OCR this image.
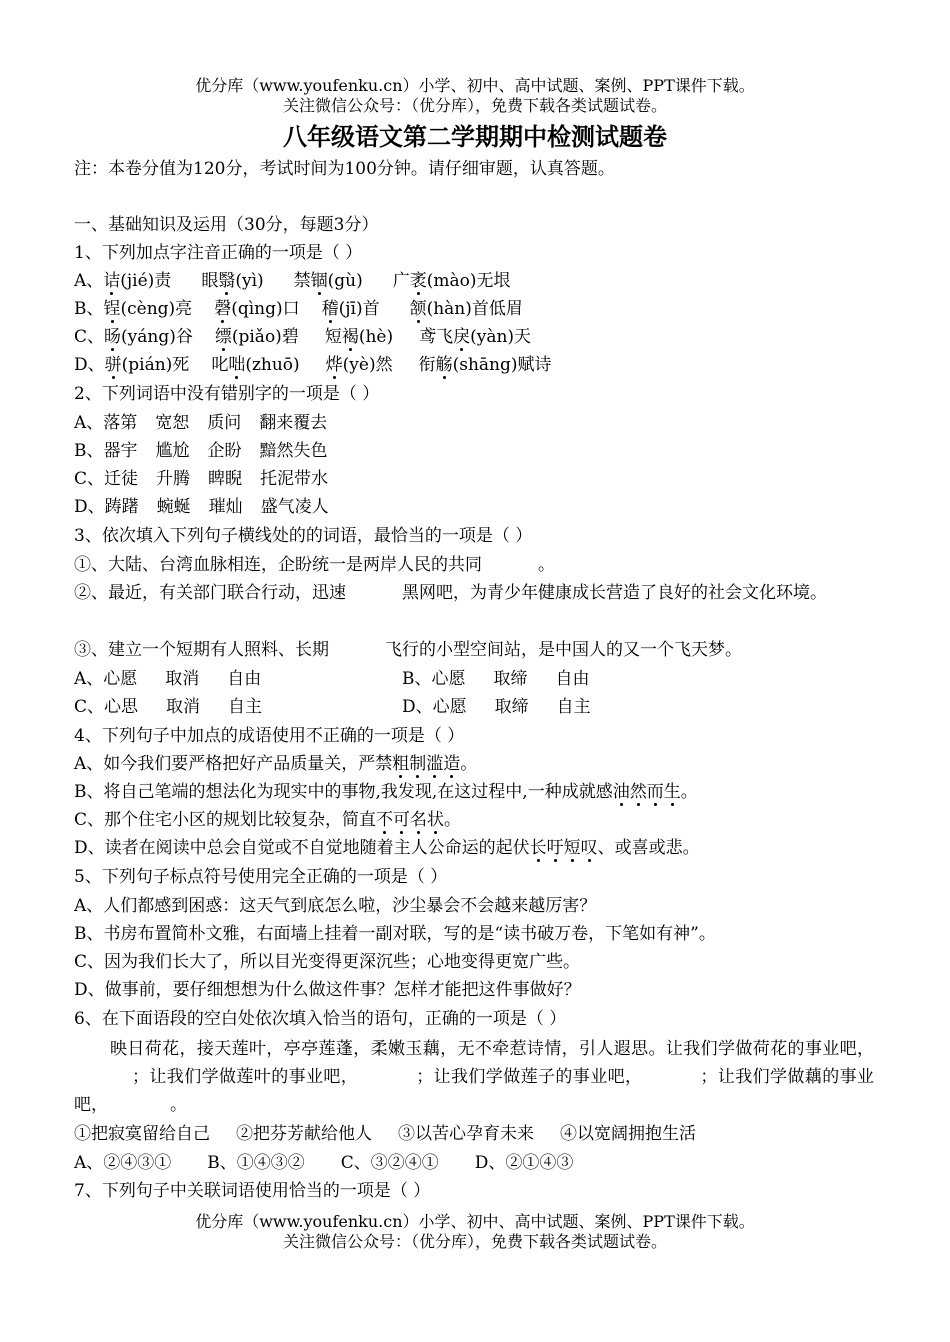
优分库（www.youfenku.cn）小学、初中、高中试题、案例、PPT课件下载。
关注微信公众号：（优分库），免费下载各类试题试卷。
八年级语文第二学期期中检测试题卷
注：本卷分值为120分，考试时间为100分钟。请仔细审题，认真答题。
一、基础知识及运用（30分，每题3分）
1、下列加点字注音正确的一项是（ ）
A、诘(jié)责 眼翳(yì) 禁锢(gù) 广袤(mào)无垠
B、锃(cèng)亮 磬(qìng)口 稽(jī)首 颔(hàn)首低眉
C、旸(yáng)谷 缥(piǎo)碧 短褐(hè) 鸢飞戾(yàn)天
D、骈(pián)死 叱咄(zhuō) 烨(yè)然 衔觞(shāng)赋诗
2、下列词语中没有错别字的一项是（ ）
A、落第 宽恕 质问 翻来覆去
B、器宇 尴尬 企盼 黯然失色
C、迁徒 升腾 睥睨 托泥带水
D、踌躇 蜿蜒 璀灿 盛气凌人
3、依次填入下列句子横线处的的词语，最恰当的一项是（ ）
①、大陆、台湾血脉相连，企盼统一是两岸人民的共同	。
②、最近，有关部门联合行动，迅速	黑网吧，为青少年健康成长营造了良好的社会文化环境。
③、建立一个短期有人照料、长期	飞行的小型空间站，是中国人的又一个飞天梦。
A、心愿 取消 自由	B、心愿 取缔 自由
C、心思 取消 自主	D、心愿 取缔 自主
4、下列句子中加点的成语使用不正确的一项是（ ）
A、如今我们要严格把好产品质量关，严禁粗制滥造。
B、将自己笔端的想法化为现实中的事物,我发现,在这过程中,一种成就感油然而生。
C、那个住宅小区的规划比较复杂，简直不可名状。
D、读者在阅读中总会自觉或不自觉地随着主人公命运的起伏长吁短叹、或喜或悲。
5、下列句子标点符号使用完全正确的一项是（ ）
A、人们都感到困惑：这天气到底怎么啦，沙尘暴会不会越来越厉害？
B、书房布置简朴文雅，右面墙上挂着一副对联，写的是“读书破万卷，下笔如有神”。
C、因为我们长大了，所以目光变得更深沉些；心地变得更宽广些。
D、做事前，要仔细想想为什么做这件事？怎样才能把这件事做好？
6、在下面语段的空白处依次填入恰当的语句，正确的一项是（ ）
映日荷花，接天莲叶，亭亭莲蓬，柔嫩玉藕，无不牵惹诗情，引人遐思。让我们学做荷花的事业吧，；让我们学做莲叶的事业吧，	；让我们学做莲子的事业吧，	；让我们学做藕的事业吧，	。
①把寂寞留给自己 ②把芬芳献给他人 ③以苦心孕育未来 ④以宽阔拥抱生活
A、②④③① B、①④③② C、③②④① D、②①④③
7、下列句子中关联词语使用恰当的一项是（ ）
优分库（www.youfenku.cn）小学、初中、高中试题、案例、PPT课件下载。
关注微信公众号：（优分库），免费下载各类试题试卷。
